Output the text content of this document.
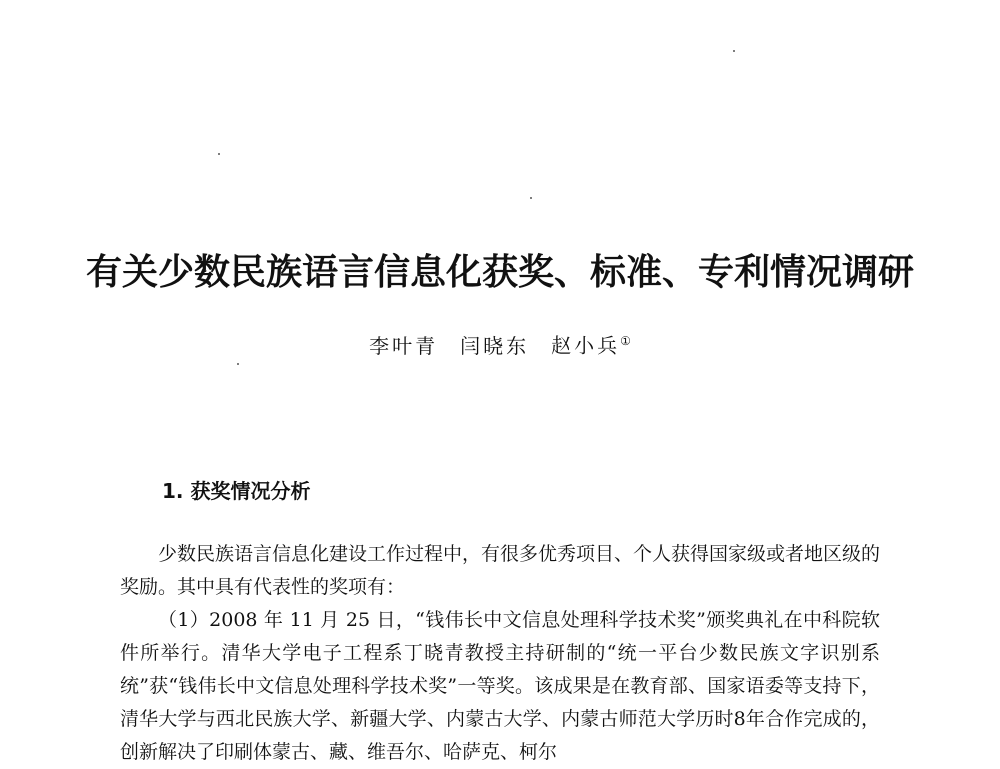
有关少数民族语言信息化获奖、标准、专利情况调研
李叶青 闫晓东 赵小兵①
1. 获奖情况分析

少数民族语言信息化建设工作过程中，有很多优秀项目、个人获得国家级或者地区级的奖励。其中具有代表性的奖项有：

（1）2008 年 11 月 25 日，“钱伟长中文信息处理科学技术奖”颁奖典礼在中科院软件所举行。清华大学电子工程系丁晓青教授主持研制的“统一平台少数民族文字识别系统”获“钱伟长中文信息处理科学技术奖”一等奖。该成果是在教育部、国家语委等支持下，清华大学与西北民族大学、新疆大学、内蒙古大学、内蒙古师范大学历时8年合作完成的，创新解决了印刷体蒙古、藏、维吾尔、哈萨克、柯尔
